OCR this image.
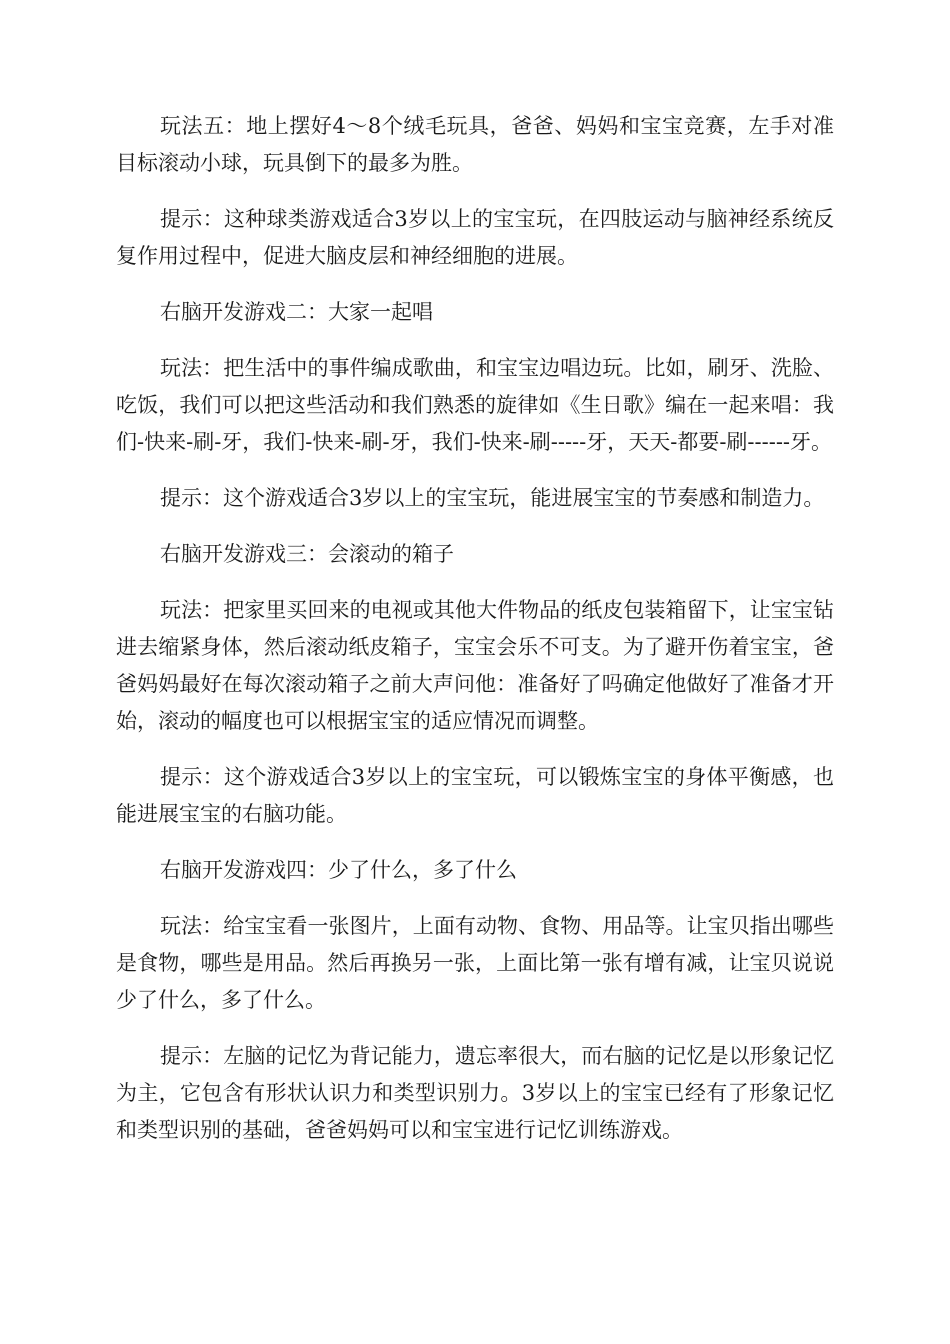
玩法五：地上摆好4～8个绒毛玩具，爸爸、妈妈和宝宝竞赛，左手对准目标滚动小球，玩具倒下的最多为胜。

提示：这种球类游戏适合3岁以上的宝宝玩，在四肢运动与脑神经系统反复作用过程中，促进大脑皮层和神经细胞的进展。

右脑开发游戏二：大家一起唱

玩法：把生活中的事件编成歌曲，和宝宝边唱边玩。比如，刷牙、洗脸、吃饭，我们可以把这些活动和我们熟悉的旋律如《生日歌》编在一起来唱：我们-快来-刷-牙，我们-快来-刷-牙，我们-快来-刷-----牙，天天-都要-刷------牙。

提示：这个游戏适合3岁以上的宝宝玩，能进展宝宝的节奏感和制造力。

右脑开发游戏三：会滚动的箱子

玩法：把家里买回来的电视或其他大件物品的纸皮包装箱留下，让宝宝钻进去缩紧身体，然后滚动纸皮箱子，宝宝会乐不可支。为了避开伤着宝宝，爸爸妈妈最好在每次滚动箱子之前大声问他：准备好了吗确定他做好了准备才开始，滚动的幅度也可以根据宝宝的适应情况而调整。

提示：这个游戏适合3岁以上的宝宝玩，可以锻炼宝宝的身体平衡感，也能进展宝宝的右脑功能。

右脑开发游戏四：少了什么，多了什么

玩法：给宝宝看一张图片，上面有动物、食物、用品等。让宝贝指出哪些是食物，哪些是用品。然后再换另一张，上面比第一张有增有减，让宝贝说说少了什么，多了什么。

提示：左脑的记忆为背记能力，遗忘率很大，而右脑的记忆是以形象记忆为主，它包含有形状认识力和类型识别力。3岁以上的宝宝已经有了形象记忆和类型识别的基础，爸爸妈妈可以和宝宝进行记忆训练游戏。
